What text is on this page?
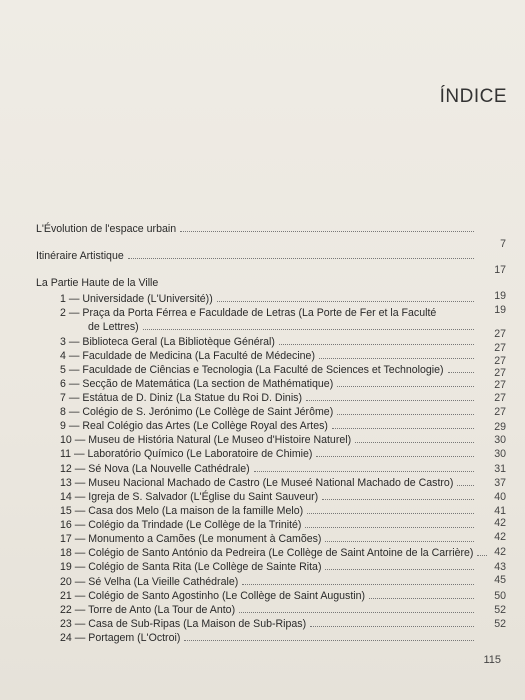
ÍNDICE
L'Évolution de l'espace urbain
7
Itinéraire Artistique
17
La Partie Haute de la Ville
1 — Universidade (L'Université))
2 — Praça da Porta Férrea e Faculdade de Letras (La Porte de Fer et la Faculté
de Lettres)
3 — Biblioteca Geral (La Bibliotèque Général)
4 — Faculdade de Medicina (La Faculté de Médecine)
5 — Faculdade de Ciências e Tecnologia (La Faculté de Sciences et Technologie)
6 — Secção de Matemática (La section de Mathématique)
7 — Estátua de D. Diniz (La Statue du Roi D. Dinis)
8 — Colégio de S. Jerónimo (Le Collège de Saint Jérôme)
9 — Real Colégio das Artes (Le Collège Royal des Artes)
10 — Museu de História Natural (Le Museo d'Histoire Naturel)
11 — Laboratório Químico (Le Laboratoire de Chimie)
12 — Sé Nova (La Nouvelle Cathédrale)
13 — Museu Nacional Machado de Castro (Le Museé National Machado de Castro)
14 — Igreja de S. Salvador (L'Église du Saint Sauveur)
15 — Casa dos Melo (La maison de la famille Melo)
16 — Colégio da Trindade (Le Collège de la Trinité)
17 — Monumento a Camões (Le monument à Camões)
18 — Colégio de Santo António da Pedreira (Le Collège de Saint Antoine de la Carrière)
19 — Colégio de Santa Rita (Le Collège de Sainte Rita)
20 — Sé Velha (La Vieille Cathédrale)
21 — Colégio de Santo Agostinho (Le Collège de Saint Augustin)
22 — Torre de Anto (La Tour de Anto)
23 — Casa de Sub-Ripas (La Maison de Sub-Ripas)
24 — Portagem (L'Octroi)
19
19
27
27
27
27
27
27
27
29
30
30
31
37
40
41
42
42
42
43
45
50
52
52
115
